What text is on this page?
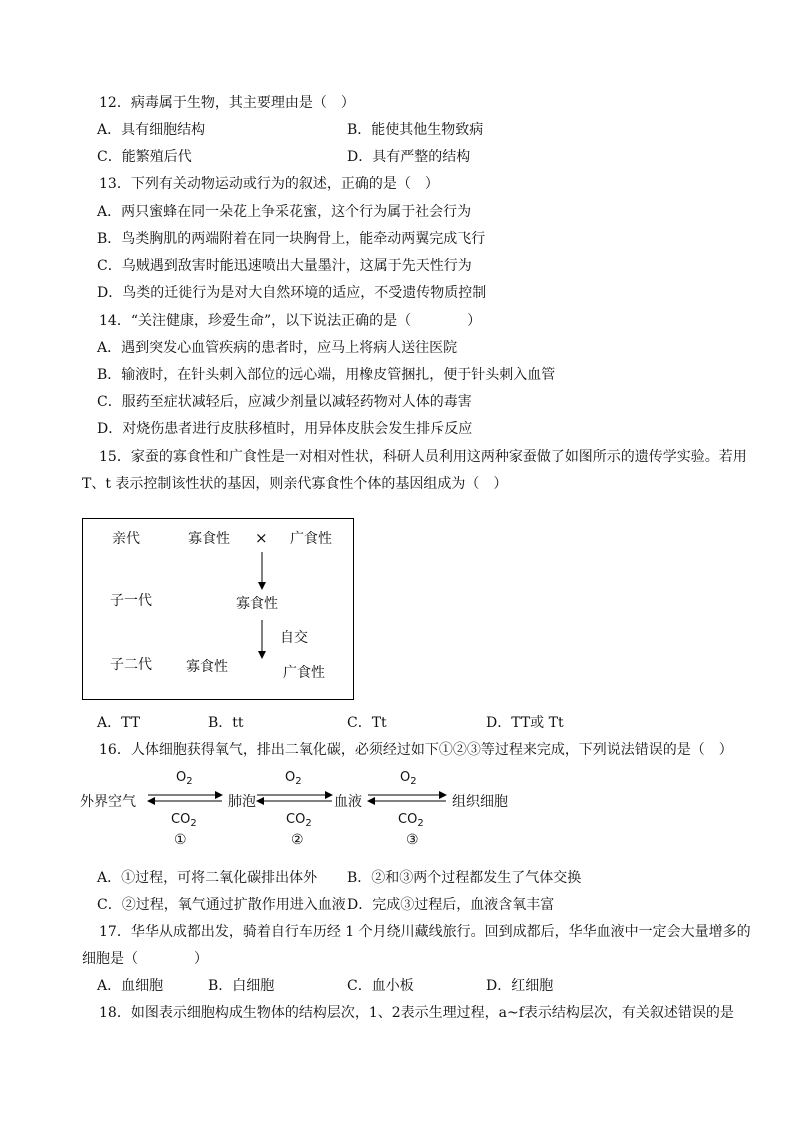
12．病毒属于生物，其主要理由是（　）
A．具有细胞结构	B．能使其他生物致病
C．能繁殖后代	D．具有严整的结构
13．下列有关动物运动或行为的叙述，正确的是（　）
A．两只蜜蜂在同一朵花上争采花蜜，这个行为属于社会行为
B．鸟类胸肌的两端附着在同一块胸骨上，能牵动两翼完成飞行
C．乌贼遇到敌害时能迅速喷出大量墨汁，这属于先天性行为
D．鸟类的迁徙行为是对大自然环境的适应，不受遗传物质控制
14．“关注健康，珍爱生命”，以下说法正确的是（　　　　）
A．遇到突发心血管疾病的患者时，应马上将病人送往医院
B．输液时，在针头刺入部位的远心端，用橡皮管捆扎，便于针头刺入血管
C．服药至症状减轻后，应减少剂量以减轻药物对人体的毒害
D．对烧伤患者进行皮肤移植时，用异体皮肤会发生排斥反应
15．家蚕的寡食性和广食性是一对相对性状，科研人员利用这两种家蚕做了如图所示的遗传学实验。若用
T、t 表示控制该性状的基因，则亲代寡食性个体的基因组成为（　）
亲代	寡食性 × 广食性
子一代	寡食性
自交
子二代 寡食性	广食性
A．TT	B．tt	C．Tt	D．TT或 Tt
16．人体细胞获得氧气，排出二氧化碳，必须经过如下①②③等过程来完成，下列说法错误的是（　）
外界空气	肺泡	血液	组织细胞
$O_2$	$O_2$	$O_2$
$CO_2$	$CO_2$	$CO_2$
①	②	③
A．①过程，可将二氧化碳排出体外 B．②和③两个过程都发生了气体交换
C．②过程，氧气通过扩散作用进入血液 D．完成③过程后，血液含氧丰富
17．华华从成都出发，骑着自行车历经 1 个月绕川藏线旅行。回到成都后，华华血液中一定会大量增多的
细胞是（　　　　）
A．血细胞	B．白细胞	C．血小板	D．红细胞
18．如图表示细胞构成生物体的结构层次，1、2表示生理过程，a~f表示结构层次，有关叙述错误的是
